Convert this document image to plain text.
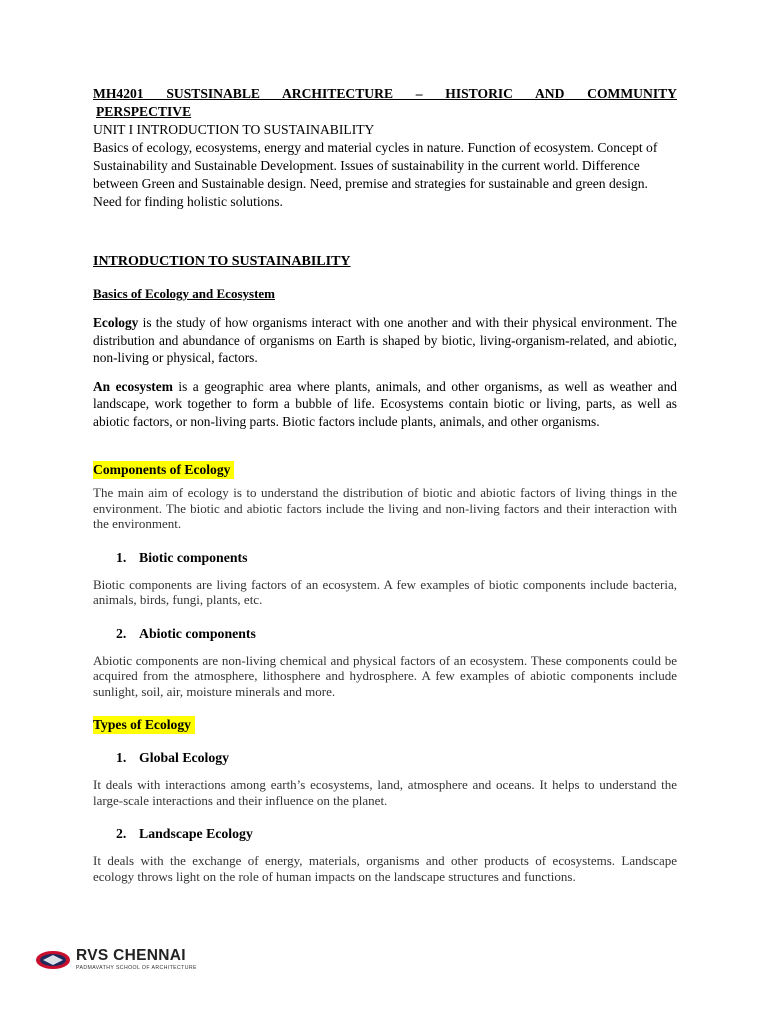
MH4201 SUSTSINABLE ARCHITECTURE – HISTORIC AND COMMUNITY

PERSPECTIVE

UNIT I INTRODUCTION TO SUSTAINABILITY

Basics of ecology, ecosystems, energy and material cycles in nature. Function of ecosystem. Concept of Sustainability and Sustainable Development. Issues of sustainability in the current world. Difference between Green and Sustainable design. Need, premise and strategies for sustainable and green design. Need for finding holistic solutions.

INTRODUCTION TO SUSTAINABILITY

Basics of Ecology and Ecosystem

Ecology is the study of how organisms interact with one another and with their physical environment. The distribution and abundance of organisms on Earth is shaped by biotic, living-organism-related, and abiotic, non-living or physical, factors.

An ecosystem is a geographic area where plants, animals, and other organisms, as well as weather and landscape, work together to form a bubble of life. Ecosystems contain biotic or living, parts, as well as abiotic factors, or non-living parts. Biotic factors include plants, animals, and other organisms.

Components of Ecology

The main aim of ecology is to understand the distribution of biotic and abiotic factors of living things in the environment. The biotic and abiotic factors include the living and non-living factors and their interaction with the environment.

1. Biotic components

Biotic components are living factors of an ecosystem. A few examples of biotic components include bacteria, animals, birds, fungi, plants, etc.

2. Abiotic components

Abiotic components are non-living chemical and physical factors of an ecosystem. These components could be acquired from the atmosphere, lithosphere and hydrosphere. A few examples of abiotic components include sunlight, soil, air, moisture minerals and more.

Types of Ecology

1. Global Ecology

It deals with interactions among earth’s ecosystems, land, atmosphere and oceans. It helps to understand the large-scale interactions and their influence on the planet.

2. Landscape Ecology

It deals with the exchange of energy, materials, organisms and other products of ecosystems. Landscape ecology throws light on the role of human impacts on the landscape structures and functions.

RVS CHENNAI
PADMAVATHY SCHOOL OF ARCHITECTURE
